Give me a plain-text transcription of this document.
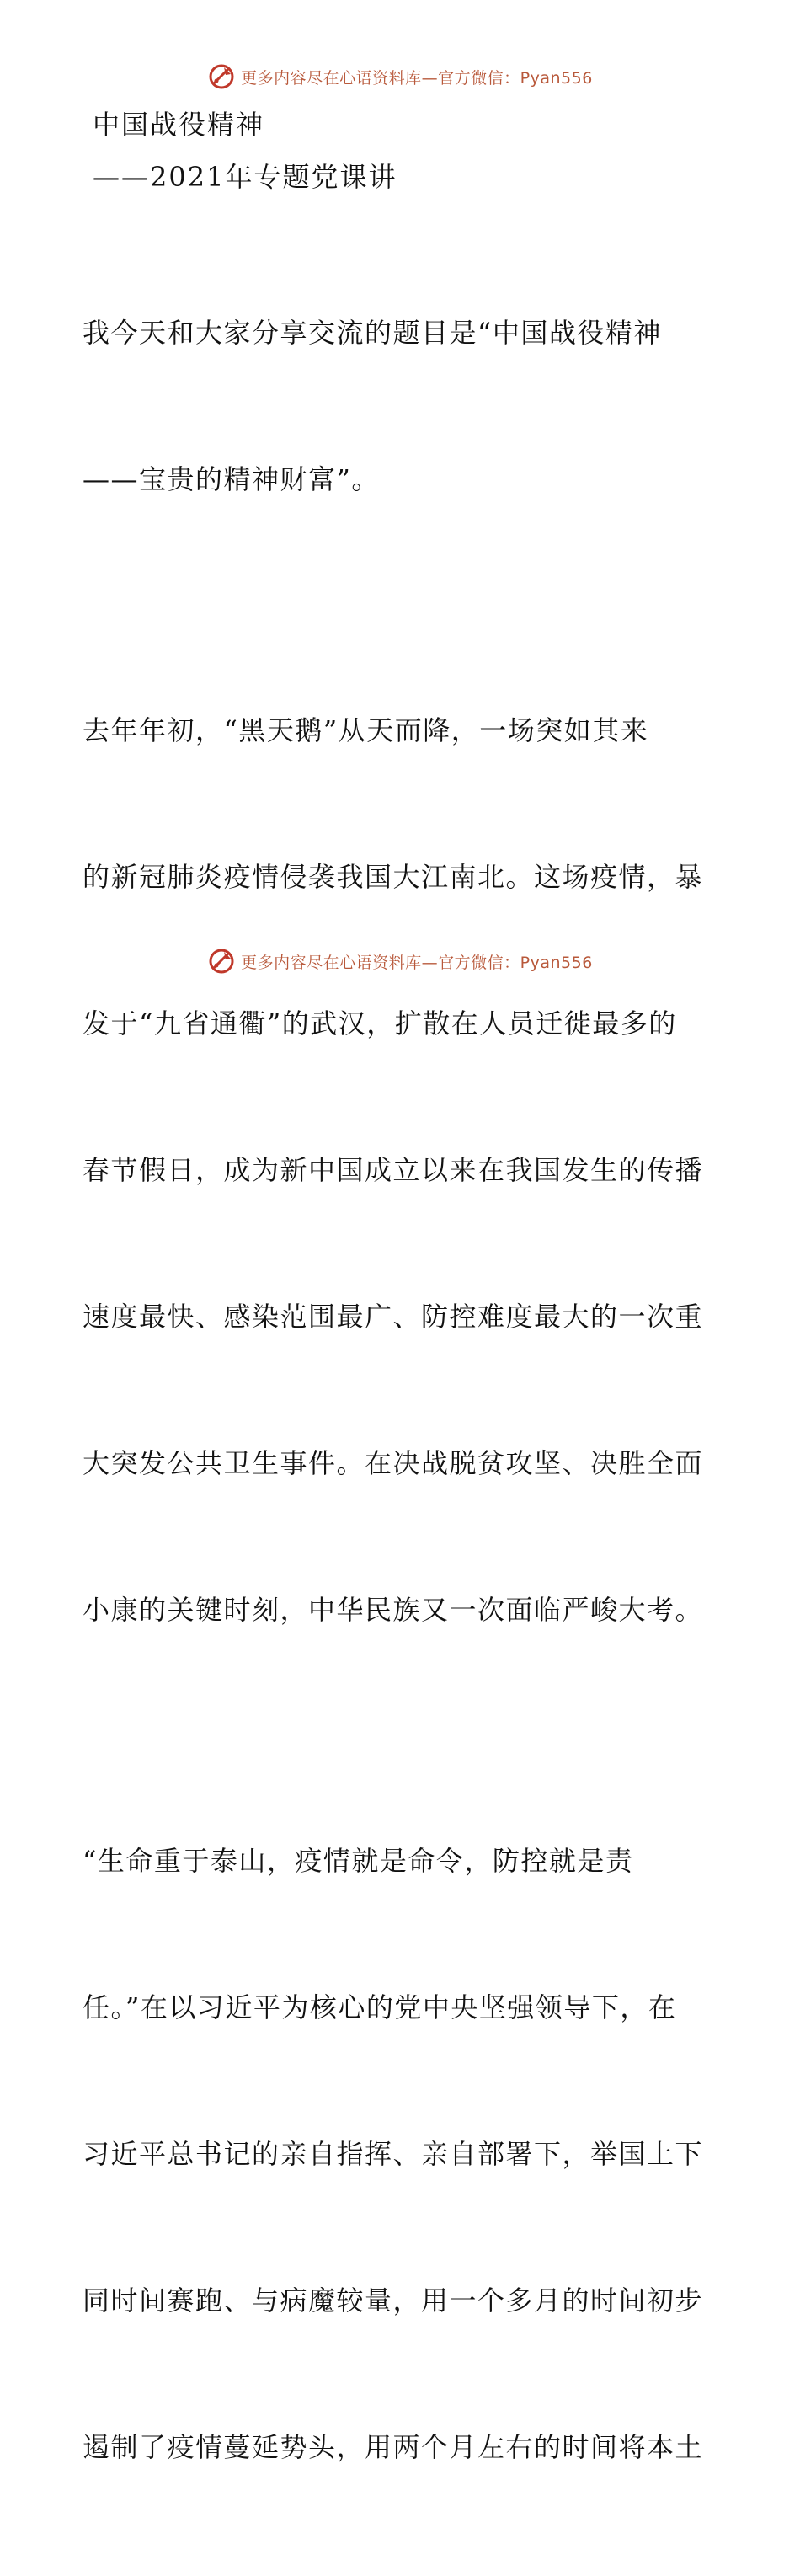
更多内容尽在心语资料库—官方微信：Pyan556
中国战役精神
——2021年专题党课讲

我今天和大家分享交流的题目是“中国战役精神

——宝贵的精神财富”。

去年年初，“黑天鹅”从天而降，一场突如其来

的新冠肺炎疫情侵袭我国大江南北。这场疫情，暴

发于“九省通衢”的武汉，扩散在人员迁徙最多的

春节假日，成为新中国成立以来在我国发生的传播

速度最快、感染范围最广、防控难度最大的一次重

大突发公共卫生事件。在决战脱贫攻坚、决胜全面

小康的关键时刻，中华民族又一次面临严峻大考。

“生命重于泰山，疫情就是命令，防控就是责

任。”在以习近平为核心的党中央坚强领导下，在

习近平总书记的亲自指挥、亲自部署下，举国上下

同时间赛跑、与病魔较量，用一个多月的时间初步

遏制了疫情蔓延势头，用两个月左右的时间将本土

更多内容尽在心语资料库—官方微信：Pyan556
